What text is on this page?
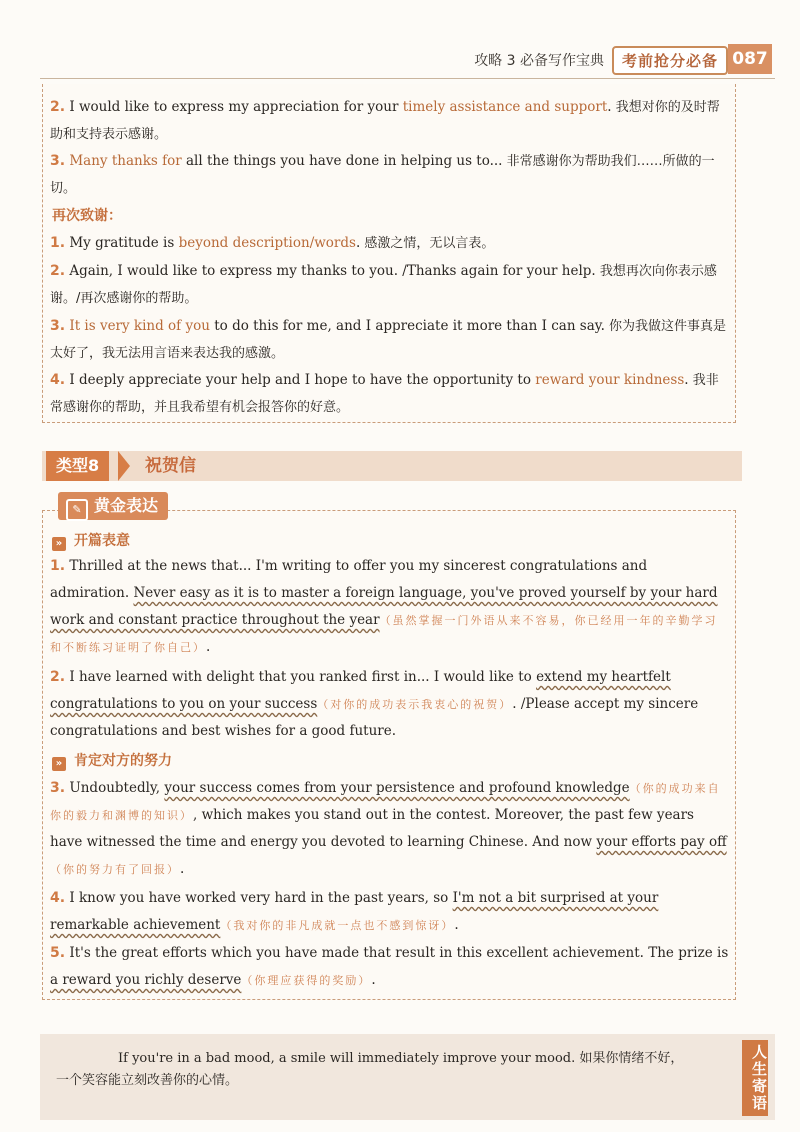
攻略 3 必备写作宝典	考前抢分必备 087
2. I would like to express my appreciation for your timely assistance and support. 我想对你的及时帮助和支持表示感谢。
3. Many thanks for all the things you have done in helping us to... 非常感谢你为帮助我们……所做的一切。
再次致谢：
1. My gratitude is beyond description/words. 感激之情，无以言表。
2. Again, I would like to express my thanks to you. /Thanks again for your help. 我想再次向你表示感谢。/再次感谢你的帮助。
3. It is very kind of you to do this for me, and I appreciate it more than I can say. 你为我做这件事真是太好了，我无法用言语来表达我的感激。
4. I deeply appreciate your help and I hope to have the opportunity to reward your kindness. 我非常感谢你的帮助，并且我希望有机会报答你的好意。
类型8	祝贺信
✎ 黄金表达
» 开篇表意
1. Thrilled at the news that... I'm writing to offer you my sincerest congratulations and admiration. Never easy as it is to master a foreign language, you've proved yourself by your hard work and constant practice throughout the year（虽然掌握一门外语从来不容易，你已经用一年的辛勤学习和不断练习证明了你自己）.
2. I have learned with delight that you ranked first in... I would like to extend my heartfelt congratulations to you on your success（对你的成功表示我衷心的祝贺）. /Please accept my sincere congratulations and best wishes for a good future.
» 肯定对方的努力
3. Undoubtedly, your success comes from your persistence and profound knowledge（你的成功来自你的毅力和渊博的知识）, which makes you stand out in the contest. Moreover, the past few years have witnessed the time and energy you devoted to learning Chinese. And now your efforts pay off（你的努力有了回报）.
4. I know you have worked very hard in the past years, so I'm not a bit surprised at your remarkable achievement（我对你的非凡成就一点也不感到惊讶）.
5. It's the great efforts which you have made that result in this excellent achievement. The prize is a reward you richly deserve（你理应获得的奖励）.
If you're in a bad mood, a smile will immediately improve your mood. 如果你情绪不好，一个笑容能立刻改善你的心情。	人生寄语
